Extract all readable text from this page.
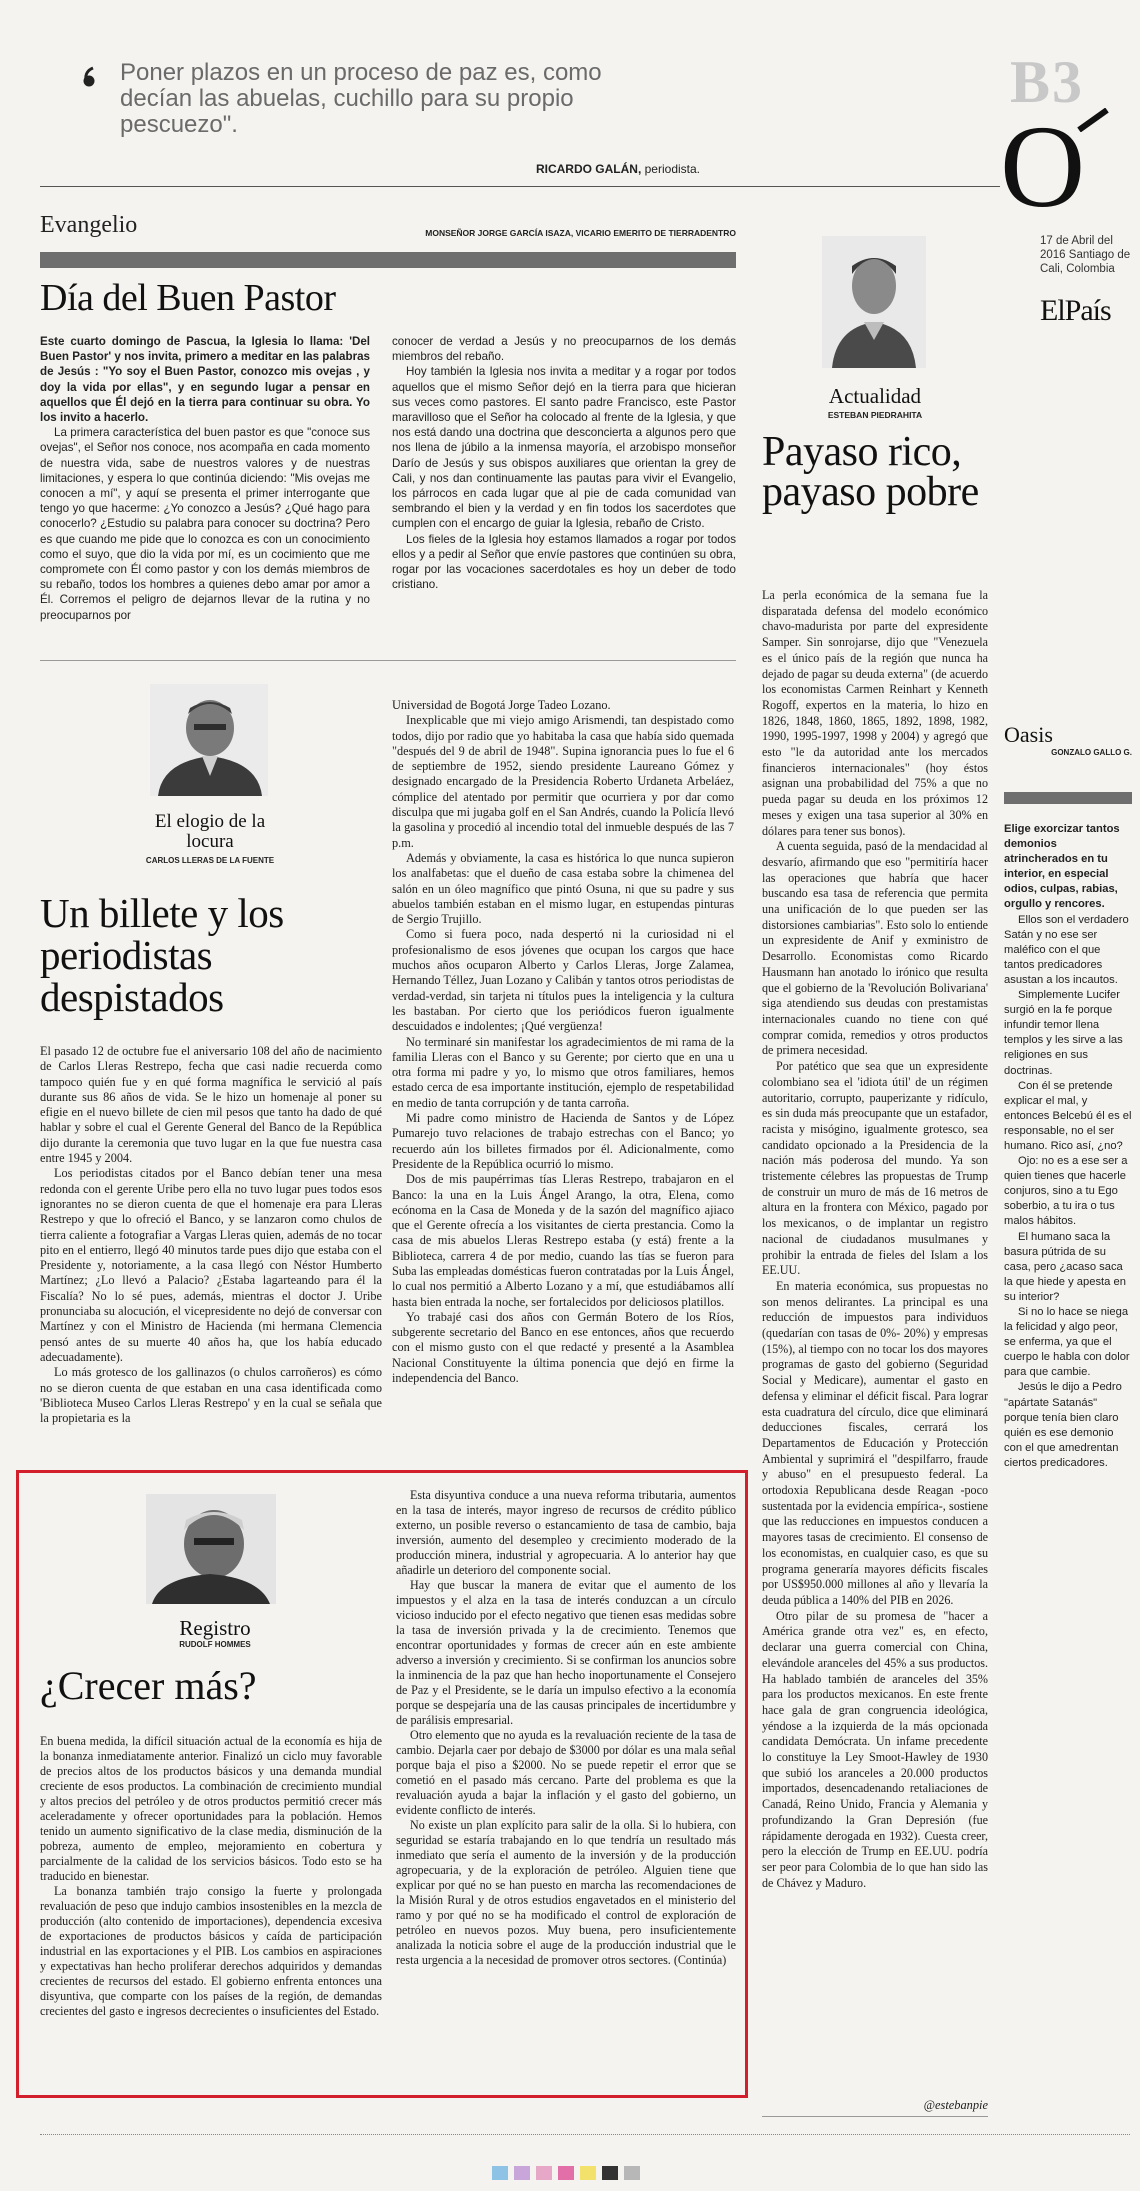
Poner plazos en un proceso de paz es, como decían las abuelas, cuchillo para su propio pescuezo".
RICARDO GALÁN, periodista.
B3
O
17 de Abril del 2016 Santiago de Cali, Colombia
ElPaís
Evangelio	MONSEÑOR JORGE GARCÍA ISAZA, VICARIO EMERITO DE TIERRADENTRO
Día del Buen Pastor

Este cuarto domingo de Pascua, la Iglesia lo llama: 'Del Buen Pastor' y nos invita, primero a meditar en las palabras de Jesús : "Yo soy el Buen Pastor, conozco mis ovejas , y doy la vida por ellas", y en segundo lugar a pensar en aquellos que Él dejó en la tierra para continuar su obra. Yo los invito a hacerlo.

La primera característica del buen pastor es que "conoce sus ovejas", el Señor nos conoce, nos acompaña en cada momento de nuestra vida, sabe de nuestros valores y de nuestras limitaciones, y espera lo que continúa diciendo: "Mis ovejas me conocen a mí", y aquí se presenta el primer interrogante que tengo yo que hacerme: ¿Yo conozco a Jesús? ¿Qué hago para conocerlo? ¿Estudio su palabra para conocer su doctrina? Pero es que cuando me pide que lo conozca es con un conocimiento como el suyo, que dio la vida por mí, es un cocimiento que me compromete con Él como pastor y con los demás miembros de su rebaño, todos los hombres a quienes debo amar por amor a Él. Corremos el peligro de dejarnos llevar de la rutina y no preocuparnos por

conocer de verdad a Jesús y no preocuparnos de los demás miembros del rebaño.

Hoy también la Iglesia nos invita a meditar y a rogar por todos aquellos que el mismo Señor dejó en la tierra para que hicieran sus veces como pastores. El santo padre Francisco, este Pastor maravilloso que el Señor ha colocado al frente de la Iglesia, y que nos está dando una doctrina que desconcierta a algunos pero que nos llena de júbilo a la inmensa mayoría, el arzobispo monseñor Darío de Jesús y sus obispos auxiliares que orientan la grey de Cali, y nos dan continuamente las pautas para vivir el Evangelio, los párrocos en cada lugar que al pie de cada comunidad van sembrando el bien y la verdad y en fin todos los sacerdotes que cumplen con el encargo de guiar la Iglesia, rebaño de Cristo.

Los fieles de la Iglesia hoy estamos llamados a rogar por todos ellos y a pedir al Señor que envíe pastores que continúen su obra, rogar por las vocaciones sacerdotales es hoy un deber de todo cristiano.

Actualidad
ESTEBAN PIEDRAHITA
Payaso rico, payaso pobre

La perla económica de la semana fue la disparatada defensa del modelo económico chavo-madurista por parte del expresidente Samper. Sin sonrojarse, dijo que "Venezuela es el único país de la región que nunca ha dejado de pagar su deuda externa" (de acuerdo los economistas Carmen Reinhart y Kenneth Rogoff, expertos en la materia, lo hizo en 1826, 1848, 1860, 1865, 1892, 1898, 1982, 1990, 1995-1997, 1998 y 2004) y agregó que esto "le da autoridad ante los mercados financieros internacionales" (hoy éstos asignan una probabilidad del 75% a que no pueda pagar su deuda en los próximos 12 meses y exigen una tasa superior al 30% en dólares para tener sus bonos).

A cuenta seguida, pasó de la mendacidad al desvarío, afirmando que eso "permitiría hacer las operaciones que habría que hacer buscando esa tasa de referencia que permita una unificación de lo que pueden ser las distorsiones cambiarias". Esto solo lo entiende un expresidente de Anif y exministro de Desarrollo. Economistas como Ricardo Hausmann han anotado lo irónico que resulta que el gobierno de la 'Revolución Bolivariana' siga atendiendo sus deudas con prestamistas internacionales cuando no tiene con qué comprar comida, remedios y otros productos de primera necesidad.

Por patético que sea que un expresidente colombiano sea el 'idiota útil' de un régimen autoritario, corrupto, pauperizante y ridículo, es sin duda más preocupante que un estafador, racista y misógino, igualmente grotesco, sea candidato opcionado a la Presidencia de la nación más poderosa del mundo. Ya son tristemente célebres las propuestas de Trump de construir un muro de más de 16 metros de altura en la frontera con México, pagado por los mexicanos, o de implantar un registro nacional de ciudadanos musulmanes y prohibir la entrada de fieles del Islam a los EE.UU.

En materia económica, sus propuestas no son menos delirantes. La principal es una reducción de impuestos para individuos (quedarían con tasas de 0%- 20%) y empresas (15%), al tiempo con no tocar los dos mayores programas de gasto del gobierno (Seguridad Social y Medicare), aumentar el gasto en defensa y eliminar el déficit fiscal. Para lograr esta cuadratura del círculo, dice que eliminará deducciones fiscales, cerrará los Departamentos de Educación y Protección Ambiental y suprimirá el "despilfarro, fraude y abuso" en el presupuesto federal. La ortodoxia Republicana desde Reagan -poco sustentada por la evidencia empírica-, sostiene que las reducciones en impuestos conducen a mayores tasas de crecimiento. El consenso de los economistas, en cualquier caso, es que su programa generaría mayores déficits fiscales por US$950.000 millones al año y llevaría la deuda pública a 140% del PIB en 2026.

Otro pilar de su promesa de "hacer a América grande otra vez" es, en efecto, declarar una guerra comercial con China, elevándole aranceles del 45% a sus productos. Ha hablado también de aranceles del 35% para los productos mexicanos. En este frente hace gala de gran congruencia ideológica, yéndose a la izquierda de la más opcionada candidata Demócrata. Un infame precedente lo constituye la Ley Smoot-Hawley de 1930 que subió los aranceles a 20.000 productos importados, desencadenando retaliaciones de Canadá, Reino Unido, Francia y Alemania y profundizando la Gran Depresión (fue rápidamente derogada en 1932). Cuesta creer, pero la elección de Trump en EE.UU. podría ser peor para Colombia de lo que han sido las de Chávez y Maduro.

@estebanpie
Oasis
GONZALO GALLO G.

Elige exorcizar tantos demonios atrincherados en tu interior, en especial odios, culpas, rabias, orgullo y rencores.

Ellos son el verdadero Satán y no ese ser maléfico con el que tantos predicadores asustan a los incautos.

Simplemente Lucifer surgió en la fe porque infundir temor llena templos y les sirve a las religiones en sus doctrinas.

Con él se pretende explicar el mal, y entonces Belcebú él es el responsable, no el ser humano. Rico así, ¿no?

Ojo: no es a ese ser a quien tienes que hacerle conjuros, sino a tu Ego soberbio, a tu ira o tus malos hábitos.

El humano saca la basura pútrida de su casa, pero ¿acaso saca la que hiede y apesta en su interior?

Si no lo hace se niega la felicidad y algo peor, se enferma, ya que el cuerpo le habla con dolor para que cambie.

Jesús le dijo a Pedro "apártate Satanás" porque tenía bien claro quién es ese demonio con el que amedrentan ciertos predicadores.

El elogio de la locura
CARLOS LLERAS DE LA FUENTE
Un billete y los periodistas despistados

El pasado 12 de octubre fue el aniversario 108 del año de nacimiento de Carlos Lleras Restrepo, fecha que casi nadie recuerda como tampoco quién fue y en qué forma magnífica le servició al país durante sus 86 años de vida. Se le hizo un homenaje al poner su efigie en el nuevo billete de cien mil pesos que tanto ha dado de qué hablar y sobre el cual el Gerente General del Banco de la República dijo durante la ceremonia que tuvo lugar en la que fue nuestra casa entre 1945 y 2004.

Los periodistas citados por el Banco debían tener una mesa redonda con el gerente Uribe pero ella no tuvo lugar pues todos esos ignorantes no se dieron cuenta de que el homenaje era para Lleras Restrepo y que lo ofreció el Banco, y se lanzaron como chulos de tierra caliente a fotografiar a Vargas Lleras quien, además de no tocar pito en el entierro, llegó 40 minutos tarde pues dijo que estaba con el Presidente y, notoriamente, a la casa llegó con Néstor Humberto Martínez; ¿Lo llevó a Palacio? ¿Estaba lagarteando para él la Fiscalía? No lo sé pues, además, mientras el doctor J. Uribe pronunciaba su alocución, el vicepresidente no dejó de conversar con Martínez y con el Ministro de Hacienda (mi hermana Clemencia pensó antes de su muerte 40 años ha, que los había educado adecuadamente).

Lo más grotesco de los gallinazos (o chulos carroñeros) es cómo no se dieron cuenta de que estaban en una casa identificada como 'Biblioteca Museo Carlos Lleras Restrepo' y en la cual se señala que la propietaria es la

Universidad de Bogotá Jorge Tadeo Lozano.

Inexplicable que mi viejo amigo Arismendi, tan despistado como todos, dijo por radio que yo habitaba la casa que había sido quemada "después del 9 de abril de 1948". Supina ignorancia pues lo fue el 6 de septiembre de 1952, siendo presidente Laureano Gómez y designado encargado de la Presidencia Roberto Urdaneta Arbeláez, cómplice del atentado por permitir que ocurriera y por dar como disculpa que mi jugaba golf en el San Andrés, cuando la Policía llevó la gasolina y procedió al incendio total del inmueble después de las 7 p.m.

Además y obviamente, la casa es histórica lo que nunca supieron los analfabetas: que el dueño de casa estaba sobre la chimenea del salón en un óleo magnífico que pintó Osuna, ni que su padre y sus abuelos también estaban en el mismo lugar, en estupendas pinturas de Sergio Trujillo.

Como si fuera poco, nada despertó ni la curiosidad ni el profesionalismo de esos jóvenes que ocupan los cargos que hace muchos años ocuparon Alberto y Carlos Lleras, Jorge Zalamea, Hernando Téllez, Juan Lozano y Calibán y tantos otros periodistas de verdad-verdad, sin tarjeta ni títulos pues la inteligencia y la cultura les bastaban. Por cierto que los periódicos fueron igualmente descuidados e indolentes; ¡Qué vergüenza!

No terminaré sin manifestar los agradecimientos de mi rama de la familia Lleras con el Banco y su Gerente; por cierto que en una u otra forma mi padre y yo, lo mismo que otros familiares, hemos estado cerca de esa importante institución, ejemplo de respetabilidad en medio de tanta corrupción y de tanta carroña.

Mi padre como ministro de Hacienda de Santos y de López Pumarejo tuvo relaciones de trabajo estrechas con el Banco; yo recuerdo aún los billetes firmados por él. Adicionalmente, como Presidente de la República ocurrió lo mismo.

Dos de mis paupérrimas tías Lleras Restrepo, trabajaron en el Banco: la una en la Luis Ángel Arango, la otra, Elena, como ecónoma en la Casa de Moneda y de la sazón del magnífico ajiaco que el Gerente ofrecía a los visitantes de cierta prestancia. Como la casa de mis abuelos Lleras Restrepo estaba (y está) frente a la Biblioteca, carrera 4 de por medio, cuando las tías se fueron para Suba las empleadas domésticas fueron contratadas por la Luis Ángel, lo cual nos permitió a Alberto Lozano y a mí, que estudiábamos allí hasta bien entrada la noche, ser fortalecidos por deliciosos platillos.

Yo trabajé casi dos años con Germán Botero de los Ríos, subgerente secretario del Banco en ese entonces, años que recuerdo con el mismo gusto con el que redacté y presenté a la Asamblea Nacional Constituyente la última ponencia que dejó en firme la independencia del Banco.

Registro
RUDOLF HOMMES
¿Crecer más?

En buena medida, la difícil situación actual de la economía es hija de la bonanza inmediatamente anterior. Finalizó un ciclo muy favorable de precios altos de los productos básicos y una demanda mundial creciente de esos productos. La combinación de crecimiento mundial y altos precios del petróleo y de otros productos permitió crecer más aceleradamente y ofrecer oportunidades para la población. Hemos tenido un aumento significativo de la clase media, disminución de la pobreza, aumento de empleo, mejoramiento en cobertura y parcialmente de la calidad de los servicios básicos. Todo esto se ha traducido en bienestar.

La bonanza también trajo consigo la fuerte y prolongada revaluación de peso que indujo cambios insostenibles en la mezcla de producción (alto contenido de importaciones), dependencia excesiva de exportaciones de productos básicos y caída de participación industrial en las exportaciones y el PIB. Los cambios en aspiraciones y expectativas han hecho proliferar derechos adquiridos y demandas crecientes de recursos del estado. El gobierno enfrenta entonces una disyuntiva, que comparte con los países de la región, de demandas crecientes del gasto e ingresos decrecientes o insuficientes del Estado.

Esta disyuntiva conduce a una nueva reforma tributaria, aumentos en la tasa de interés, mayor ingreso de recursos de crédito público externo, un posible reverso o estancamiento de tasa de cambio, baja inversión, aumento del desempleo y crecimiento moderado de la producción minera, industrial y agropecuaria. A lo anterior hay que añadirle un deterioro del componente social.

Hay que buscar la manera de evitar que el aumento de los impuestos y el alza en la tasa de interés conduzcan a un círculo vicioso inducido por el efecto negativo que tienen esas medidas sobre la tasa de inversión privada y la de crecimiento. Tenemos que encontrar oportunidades y formas de crecer aún en este ambiente adverso a inversión y crecimiento. Si se confirman los anuncios sobre la inminencia de la paz que han hecho inoportunamente el Consejero de Paz y el Presidente, se le daría un impulso efectivo a la economía porque se despejaría una de las causas principales de incertidumbre y de parálisis empresarial.

Otro elemento que no ayuda es la revaluación reciente de la tasa de cambio. Dejarla caer por debajo de $3000 por dólar es una mala señal porque baja el piso a $2000. No se puede repetir el error que se cometió en el pasado más cercano. Parte del problema es que la revaluación ayuda a bajar la inflación y el gasto del gobierno, un evidente conflicto de interés.

No existe un plan explícito para salir de la olla. Si lo hubiera, con seguridad se estaría trabajando en lo que tendría un resultado más inmediato que sería el aumento de la inversión y de la producción agropecuaria, y de la exploración de petróleo. Alguien tiene que explicar por qué no se han puesto en marcha las recomendaciones de la Misión Rural y de otros estudios engavetados en el ministerio del ramo y por qué no se ha modificado el control de exploración de petróleo en nuevos pozos. Muy buena, pero insuficientemente analizada la noticia sobre el auge de la producción industrial que le resta urgencia a la necesidad de promover otros sectores. (Continúa)
